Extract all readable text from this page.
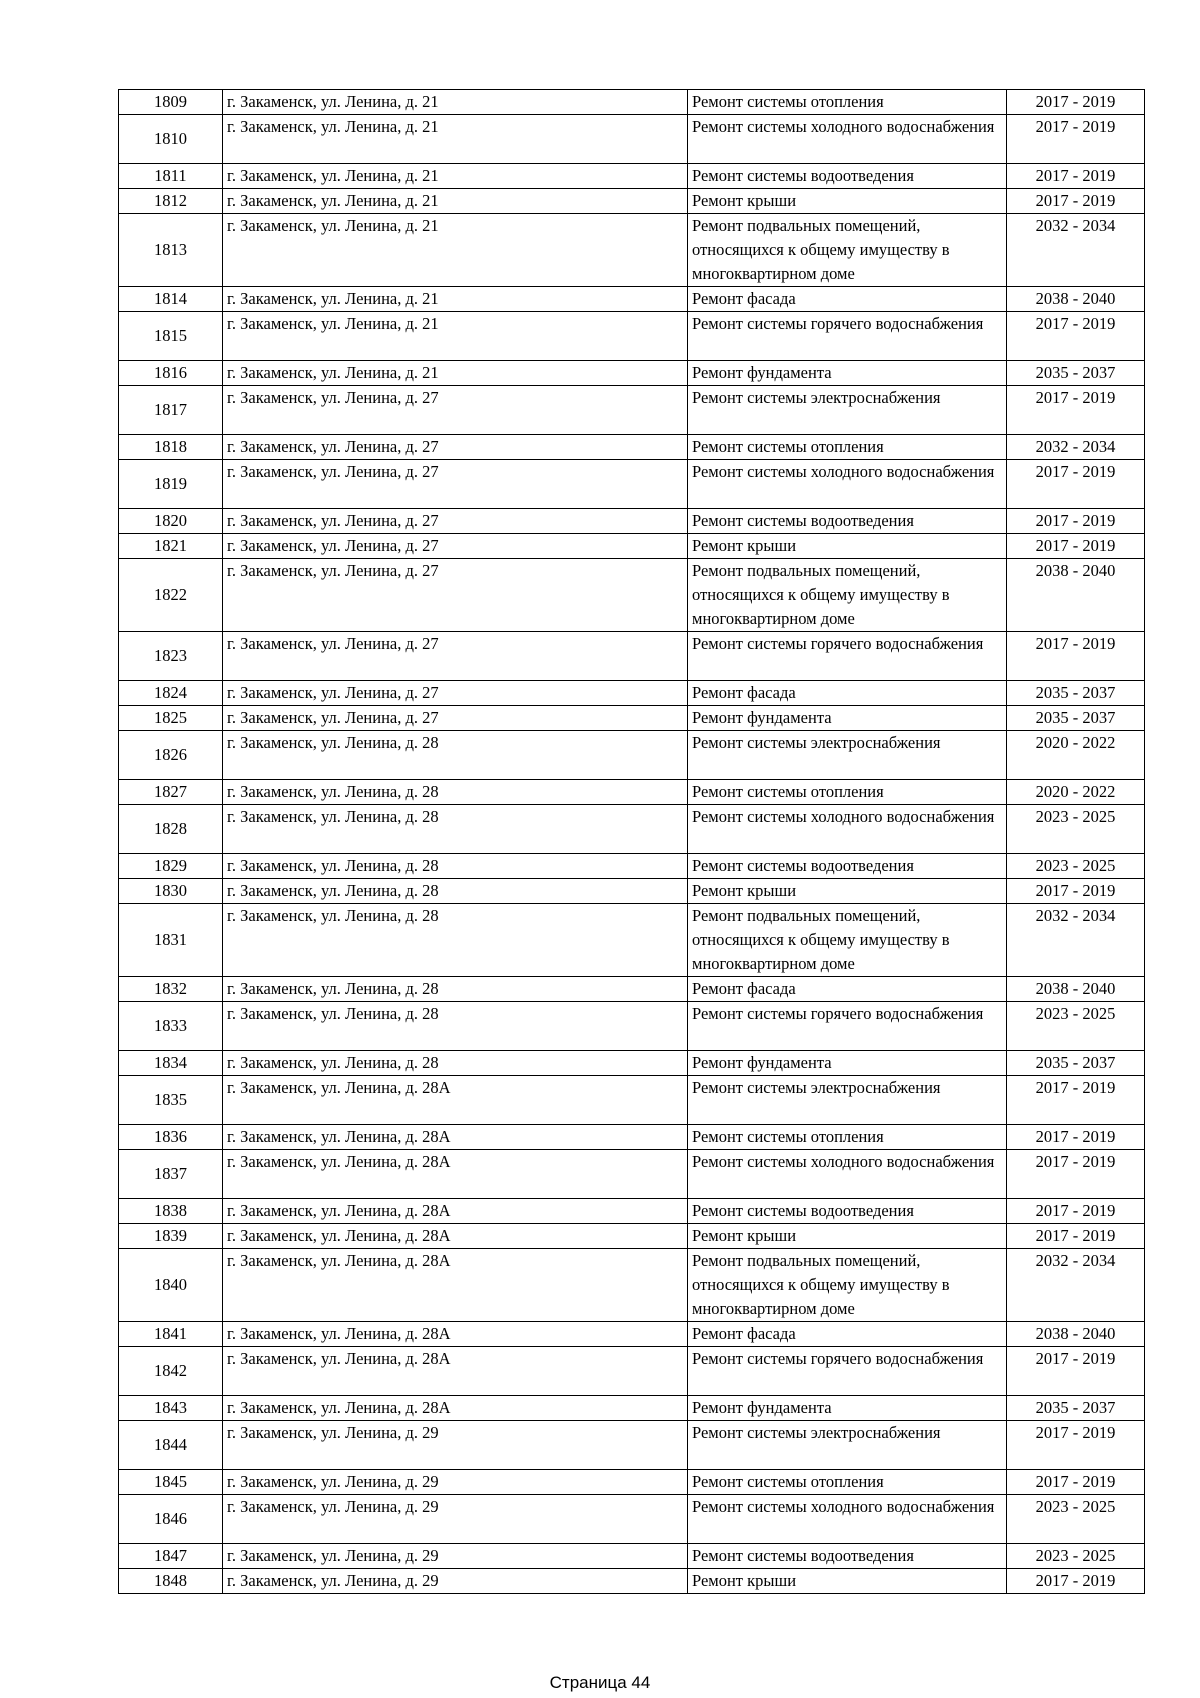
1809	г. Закаменск, ул. Ленина, д. 21	Ремонт системы отопления	2017 - 2019
1810	г. Закаменск, ул. Ленина, д. 21	Ремонт системы холодного водоснабжения	2017 - 2019
1811	г. Закаменск, ул. Ленина, д. 21	Ремонт системы водоотведения	2017 - 2019
1812	г. Закаменск, ул. Ленина, д. 21	Ремонт крыши	2017 - 2019
1813	г. Закаменск, ул. Ленина, д. 21	Ремонт подвальных помещений, относящихся к общему имуществу в многоквартирном доме	2032 - 2034
1814	г. Закаменск, ул. Ленина, д. 21	Ремонт фасада	2038 - 2040
1815	г. Закаменск, ул. Ленина, д. 21	Ремонт системы горячего водоснабжения	2017 - 2019
1816	г. Закаменск, ул. Ленина, д. 21	Ремонт фундамента	2035 - 2037
1817	г. Закаменск, ул. Ленина, д. 27	Ремонт системы электроснабжения	2017 - 2019
1818	г. Закаменск, ул. Ленина, д. 27	Ремонт системы отопления	2032 - 2034
1819	г. Закаменск, ул. Ленина, д. 27	Ремонт системы холодного водоснабжения	2017 - 2019
1820	г. Закаменск, ул. Ленина, д. 27	Ремонт системы водоотведения	2017 - 2019
1821	г. Закаменск, ул. Ленина, д. 27	Ремонт крыши	2017 - 2019
1822	г. Закаменск, ул. Ленина, д. 27	Ремонт подвальных помещений, относящихся к общему имуществу в многоквартирном доме	2038 - 2040
1823	г. Закаменск, ул. Ленина, д. 27	Ремонт системы горячего водоснабжения	2017 - 2019
1824	г. Закаменск, ул. Ленина, д. 27	Ремонт фасада	2035 - 2037
1825	г. Закаменск, ул. Ленина, д. 27	Ремонт фундамента	2035 - 2037
1826	г. Закаменск, ул. Ленина, д. 28	Ремонт системы электроснабжения	2020 - 2022
1827	г. Закаменск, ул. Ленина, д. 28	Ремонт системы отопления	2020 - 2022
1828	г. Закаменск, ул. Ленина, д. 28	Ремонт системы холодного водоснабжения	2023 - 2025
1829	г. Закаменск, ул. Ленина, д. 28	Ремонт системы водоотведения	2023 - 2025
1830	г. Закаменск, ул. Ленина, д. 28	Ремонт крыши	2017 - 2019
1831	г. Закаменск, ул. Ленина, д. 28	Ремонт подвальных помещений, относящихся к общему имуществу в многоквартирном доме	2032 - 2034
1832	г. Закаменск, ул. Ленина, д. 28	Ремонт фасада	2038 - 2040
1833	г. Закаменск, ул. Ленина, д. 28	Ремонт системы горячего водоснабжения	2023 - 2025
1834	г. Закаменск, ул. Ленина, д. 28	Ремонт фундамента	2035 - 2037
1835	г. Закаменск, ул. Ленина, д. 28А	Ремонт системы электроснабжения	2017 - 2019
1836	г. Закаменск, ул. Ленина, д. 28А	Ремонт системы отопления	2017 - 2019
1837	г. Закаменск, ул. Ленина, д. 28А	Ремонт системы холодного водоснабжения	2017 - 2019
1838	г. Закаменск, ул. Ленина, д. 28А	Ремонт системы водоотведения	2017 - 2019
1839	г. Закаменск, ул. Ленина, д. 28А	Ремонт крыши	2017 - 2019
1840	г. Закаменск, ул. Ленина, д. 28А	Ремонт подвальных помещений, относящихся к общему имуществу в многоквартирном доме	2032 - 2034
1841	г. Закаменск, ул. Ленина, д. 28А	Ремонт фасада	2038 - 2040
1842	г. Закаменск, ул. Ленина, д. 28А	Ремонт системы горячего водоснабжения	2017 - 2019
1843	г. Закаменск, ул. Ленина, д. 28А	Ремонт фундамента	2035 - 2037
1844	г. Закаменск, ул. Ленина, д. 29	Ремонт системы электроснабжения	2017 - 2019
1845	г. Закаменск, ул. Ленина, д. 29	Ремонт системы отопления	2017 - 2019
1846	г. Закаменск, ул. Ленина, д. 29	Ремонт системы холодного водоснабжения	2023 - 2025
1847	г. Закаменск, ул. Ленина, д. 29	Ремонт системы водоотведения	2023 - 2025
1848	г. Закаменск, ул. Ленина, д. 29	Ремонт крыши	2017 - 2019
Страница 44
